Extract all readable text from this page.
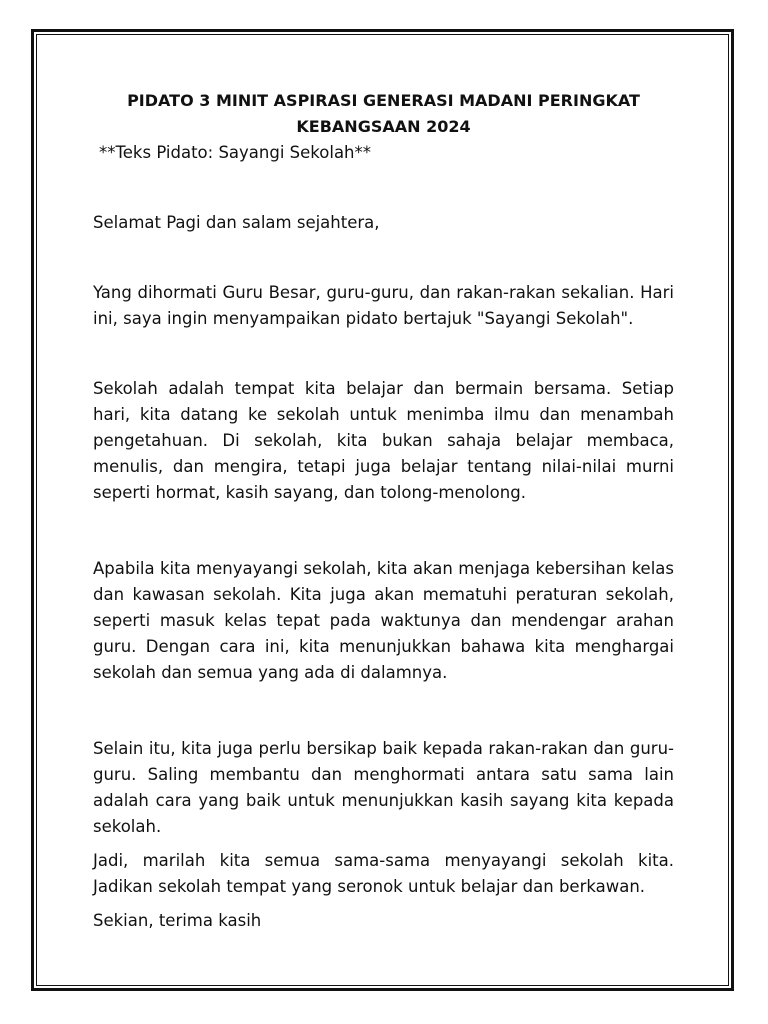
PIDATO 3 MINIT ASPIRASI GENERASI MADANI PERINGKAT KEBANGSAAN 2024
**Teks Pidato: Sayangi Sekolah**

Selamat Pagi dan salam sejahtera,

Yang dihormati Guru Besar, guru-guru, dan rakan-rakan sekalian. Hari ini, saya ingin menyampaikan pidato bertajuk "Sayangi Sekolah".

Sekolah adalah tempat kita belajar dan bermain bersama. Setiap hari, kita datang ke sekolah untuk menimba ilmu dan menambah pengetahuan. Di sekolah, kita bukan sahaja belajar membaca, menulis, dan mengira, tetapi juga belajar tentang nilai-nilai murni seperti hormat, kasih sayang, dan tolong-menolong.

Apabila kita menyayangi sekolah, kita akan menjaga kebersihan kelas dan kawasan sekolah. Kita juga akan mematuhi peraturan sekolah, seperti masuk kelas tepat pada waktunya dan mendengar arahan guru. Dengan cara ini, kita menunjukkan bahawa kita menghargai sekolah dan semua yang ada di dalamnya.

Selain itu, kita juga perlu bersikap baik kepada rakan-rakan dan guru-guru. Saling membantu dan menghormati antara satu sama lain adalah cara yang baik untuk menunjukkan kasih sayang kita kepada sekolah.

Jadi, marilah kita semua sama-sama menyayangi sekolah kita. Jadikan sekolah tempat yang seronok untuk belajar dan berkawan.

Sekian, terima kasih
